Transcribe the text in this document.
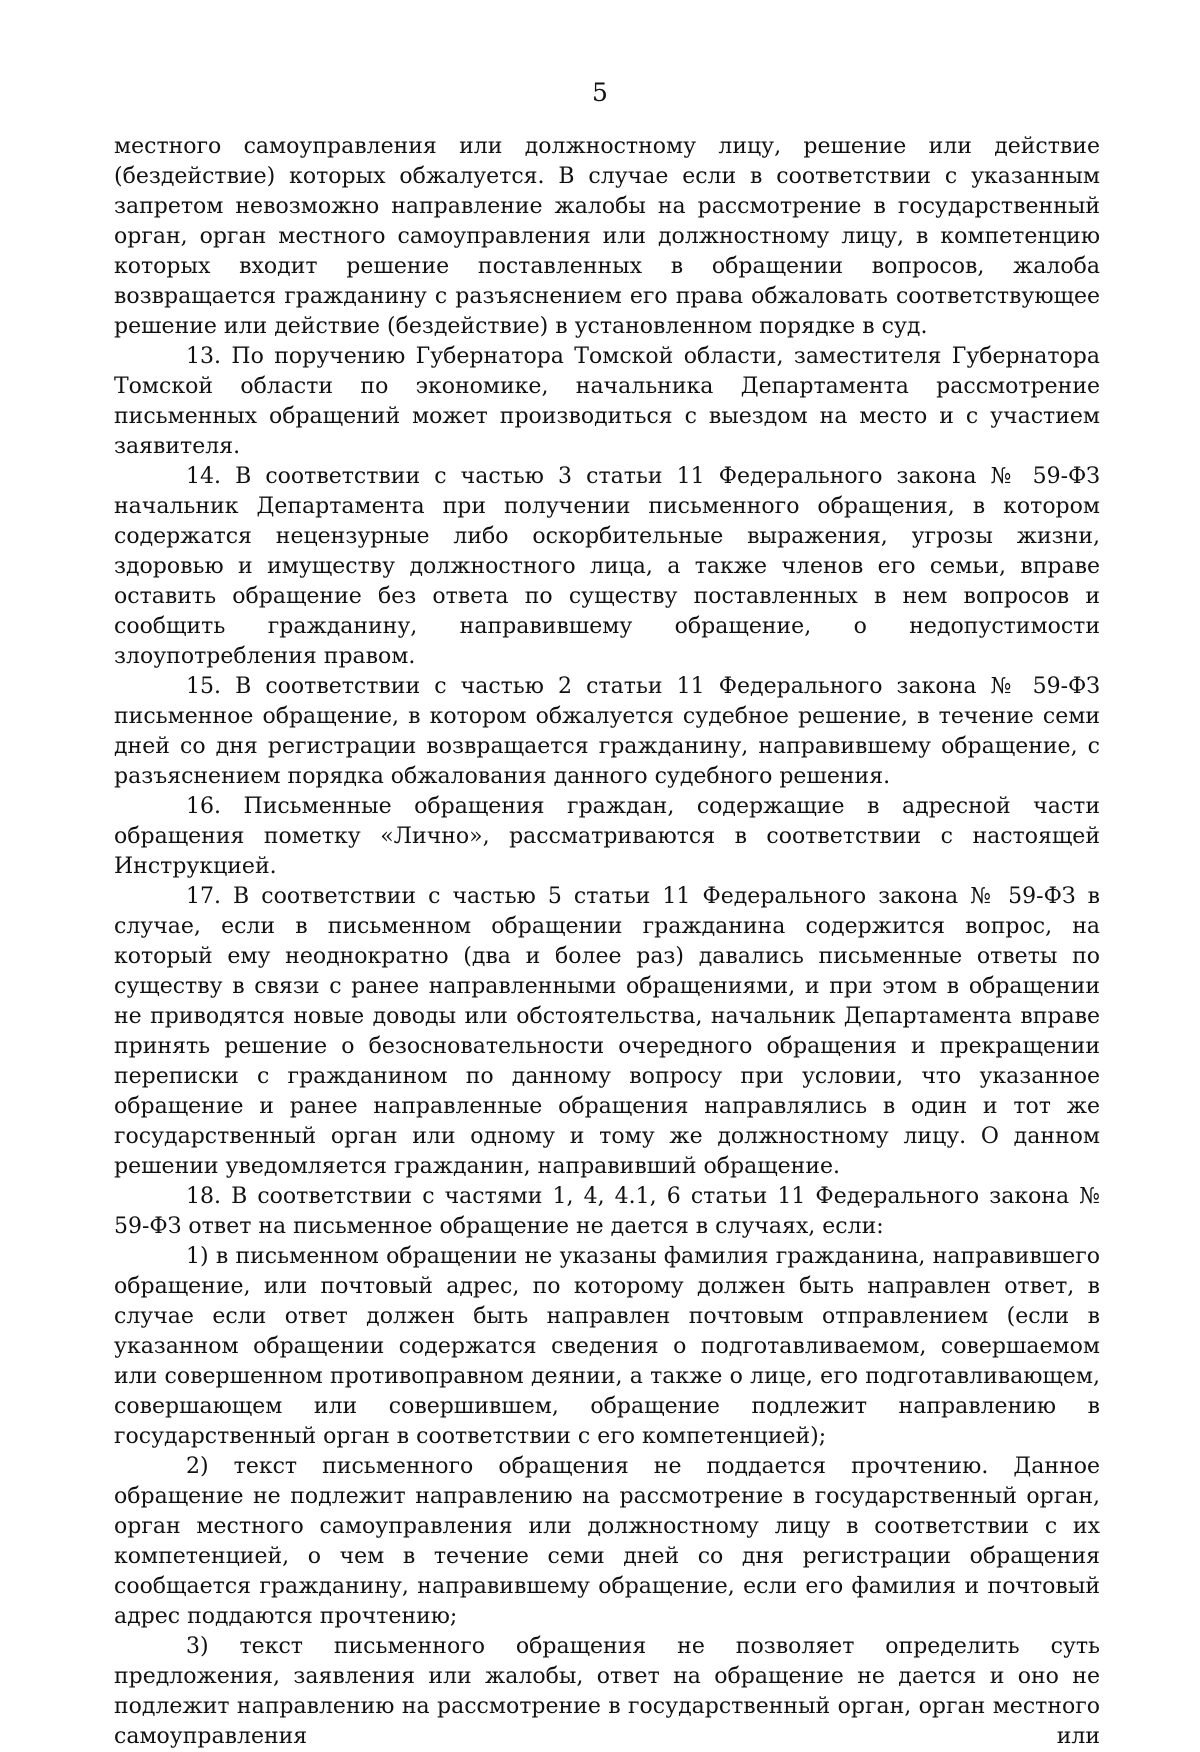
5

местного самоуправления или должностному лицу, решение или действие (бездействие) которых обжалуется. В случае если в соответствии с указанным запретом невозможно направление жалобы на рассмотрение в государственный орган, орган местного самоуправления или должностному лицу, в компетенцию которых входит решение поставленных в обращении вопросов, жалоба возвращается гражданину с разъяснением его права обжаловать соответствующее решение или действие (бездействие) в установленном порядке в суд.

13. По поручению Губернатора Томской области, заместителя Губернатора Томской области по экономике, начальника Департамента рассмотрение письменных обращений может производиться с выездом на место и с участием заявителя.

14. В соответствии с частью 3 статьи 11 Федерального закона № 59-ФЗ начальник Департамента при получении письменного обращения, в котором содержатся нецензурные либо оскорбительные выражения, угрозы жизни, здоровью и имуществу должностного лица, а также членов его семьи, вправе оставить обращение без ответа по существу поставленных в нем вопросов и сообщить гражданину, направившему обращение, о недопустимости злоупотребления правом.

15. В соответствии с частью 2 статьи 11 Федерального закона № 59-ФЗ письменное обращение, в котором обжалуется судебное решение, в течение семи дней со дня регистрации возвращается гражданину, направившему обращение, с разъяснением порядка обжалования данного судебного решения.

16. Письменные обращения граждан, содержащие в адресной части обращения пометку «Лично», рассматриваются в соответствии с настоящей Инструкцией.

17. В соответствии с частью 5 статьи 11 Федерального закона № 59-ФЗ в случае, если в письменном обращении гражданина содержится вопрос, на который ему неоднократно (два и более раз) давались письменные ответы по существу в связи с ранее направленными обращениями, и при этом в обращении не приводятся новые доводы или обстоятельства, начальник Департамента вправе принять решение о безосновательности очередного обращения и прекращении переписки с гражданином по данному вопросу при условии, что указанное обращение и ранее направленные обращения направлялись в один и тот же государственный орган или одному и тому же должностному лицу. О данном решении уведомляется гражданин, направивший обращение.

18. В соответствии с частями 1, 4, 4.1, 6 статьи 11 Федерального закона № 59-ФЗ ответ на письменное обращение не дается в случаях, если:

1) в письменном обращении не указаны фамилия гражданина, направившего обращение, или почтовый адрес, по которому должен быть направлен ответ, в случае если ответ должен быть направлен почтовым отправлением (если в указанном обращении содержатся сведения о подготавливаемом, совершаемом или совершенном противоправном деянии, а также о лице, его подготавливающем, совершающем или совершившем, обращение подлежит направлению в государственный орган в соответствии с его компетенцией);

2) текст письменного обращения не поддается прочтению. Данное обращение не подлежит направлению на рассмотрение в государственный орган, орган местного самоуправления или должностному лицу в соответствии с их компетенцией, о чем в течение семи дней со дня регистрации обращения сообщается гражданину, направившему обращение, если его фамилия и почтовый адрес поддаются прочтению;

3) текст письменного обращения не позволяет определить суть предложения, заявления или жалобы, ответ на обращение не дается и оно не подлежит направлению на рассмотрение в государственный орган, орган местного самоуправления или
